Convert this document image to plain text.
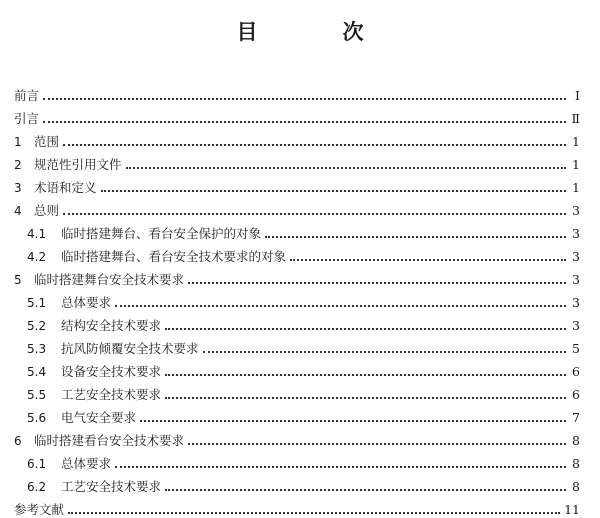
目　次
前言	Ⅰ
引言	Ⅱ
1 范围	1
2 规范性引用文件	1
3 术语和定义	1
4 总则	3
4.1	临时搭建舞台、看台安全保护的对象	3
4.2	临时搭建舞台、看台安全技术要求的对象	3
5 临时搭建舞台安全技术要求	3
5.1	总体要求	3
5.2	结构安全技术要求	3
5.3	抗风防倾覆安全技术要求	5
5.4	设备安全技术要求	6
5.5	工艺安全技术要求	6
5.6	电气安全要求	7
6 临时搭建看台安全技术要求	8
6.1	总体要求	8
6.2	工艺安全技术要求	8
参考文献	11
